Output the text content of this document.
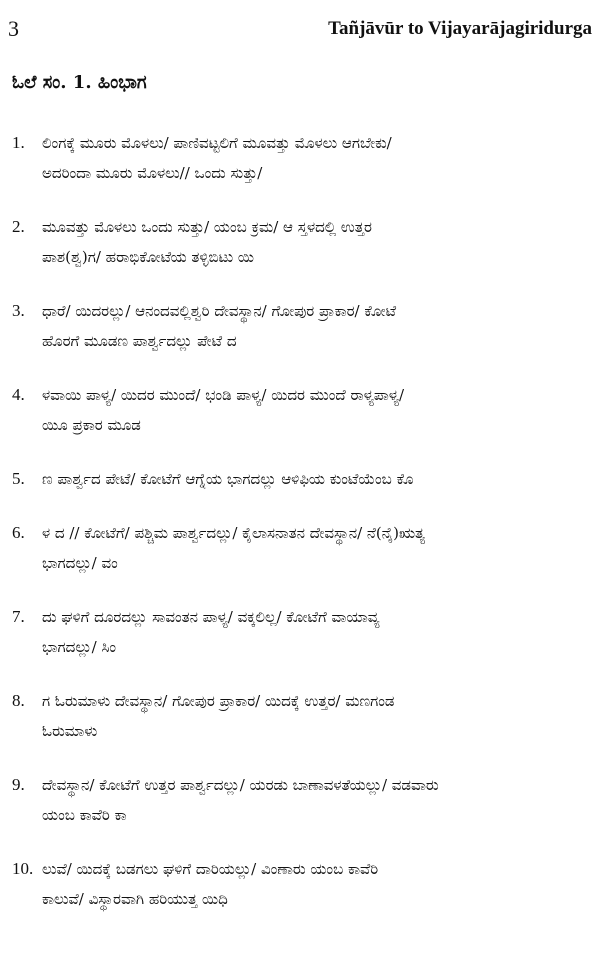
3	Tañjāvūr to Vijayarājagiridurga
ಓಲೆ ಸಂ. 1. ಹಿಂಭಾಗ
1.	ಲಿಂಗಕ್ಕೆ ಮೂರು ಮೊಳಲು/ ಪಾಣಿವಟ್ಟಲಿಗೆ ಮೂವತ್ತು ಮೊಳಲು ಆಗಬೇಕು/
ಅದರಿಂದಾ ಮೂರು ಮೊಳಲು// ಒಂದು ಸುತ್ತು/
2.	ಮೂವತ್ತು ಮೊಳಲು ಒಂದು ಸುತ್ತು/ ಯಂಬ ಕ್ರಮ/ ಆ ಸ್ತಳದಲ್ಲಿ ಉತ್ತರ
ಪಾಶ(ಶ್ವ)ಗ/ ಹರಾಭಿಕೋಟೆಯ ತಳ್ಳಿಬಿಟು ಯಿ
3.	ಧಾರೆ/ ಯಿದರಲ್ಲು/ ಆನಂದವಲ್ಲಿಶ್ವರಿ ದೇವಸ್ಥಾನ/ ಗೋಪುರ ಪ್ರಾಕಾರ/ ಕೋಟೆ
ಹೊರಗೆ ಮೂಡಣ ಪಾರ್ಶ್ವದಲ್ಲು ಪೇಟೆ ದ
4.	ಳವಾಯಿ ಪಾಳ್ಯ/ ಯಿದರ ಮುಂದೆ/ ಭಂಡಿ ಪಾಳ್ಯ/ ಯಿದರ ಮುಂದೆ ರಾಳ್ಯಪಾಳ್ಯ/
ಯಿೂ ಪ್ರಕಾರ ಮೂಡ
5.	ಣ ಪಾರ್ಶ್ವದ ಪೇಟೆ/ ಕೋಟೆಗೆ ಆಗ್ನೆಯ ಭಾಗದಲ್ಲು ಆಳಿಫಿಯ ಕುಂಟೆಯೆಂಬ ಕೊ
6.	ಳ ದ // ಕೋಟೆಗೆ/ ಪಶ್ಚಿಮ ಪಾರ್ಶ್ವದಲ್ಲು/ ಕೈಲಾಸನಾತನ ದೇವಸ್ಥಾನ/ ನೆ(ನೈ)ಋತ್ಯ
ಭಾಗದಲ್ಲು/ ವಂ
7.	ದು ಘಳಿಗೆ ದೂರದಲ್ಲು ಸಾವಂತನ ಪಾಳ್ಯ/ ವಕ್ಕಲಿಲ್ಲ/ ಕೋಟೆಗೆ ವಾಯಾವ್ಯ
ಭಾಗದಲ್ಲು/ ಸಿಂ
8.	ಗ ಓರುಮಾಳು ದೇವಸ್ಥಾನ/ ಗೋಪುರ ಪ್ರಾಕಾರ/ ಯಿದಕ್ಕೆ ಉತ್ತರ/ ಮಣಗಂಡ
ಓರುಮಾಳು
9.	ದೇವಸ್ಥಾನ/ ಕೋಟೆಗೆ ಉತ್ತರ ಪಾರ್ಶ್ವದಲ್ಲು/ ಯರಡು ಬಾಣಾವಳತೆಯಲ್ಲು/ ವಡವಾರು
ಯಂಬ ಕಾವೆರಿ ಕಾ
10. ಲುವೆ/ ಯಿದಕ್ಕೆ ಬಡಗಲು ಘಳಿಗೆ ದಾರಿಯಲ್ಲು/ ವಿಂಣಾರು ಯಂಬ ಕಾವೆರಿ
ಕಾಲುವೆ/ ವಿಸ್ಥಾರವಾಗಿ ಹರಿಯುತ್ತ ಯಿಧಿ
